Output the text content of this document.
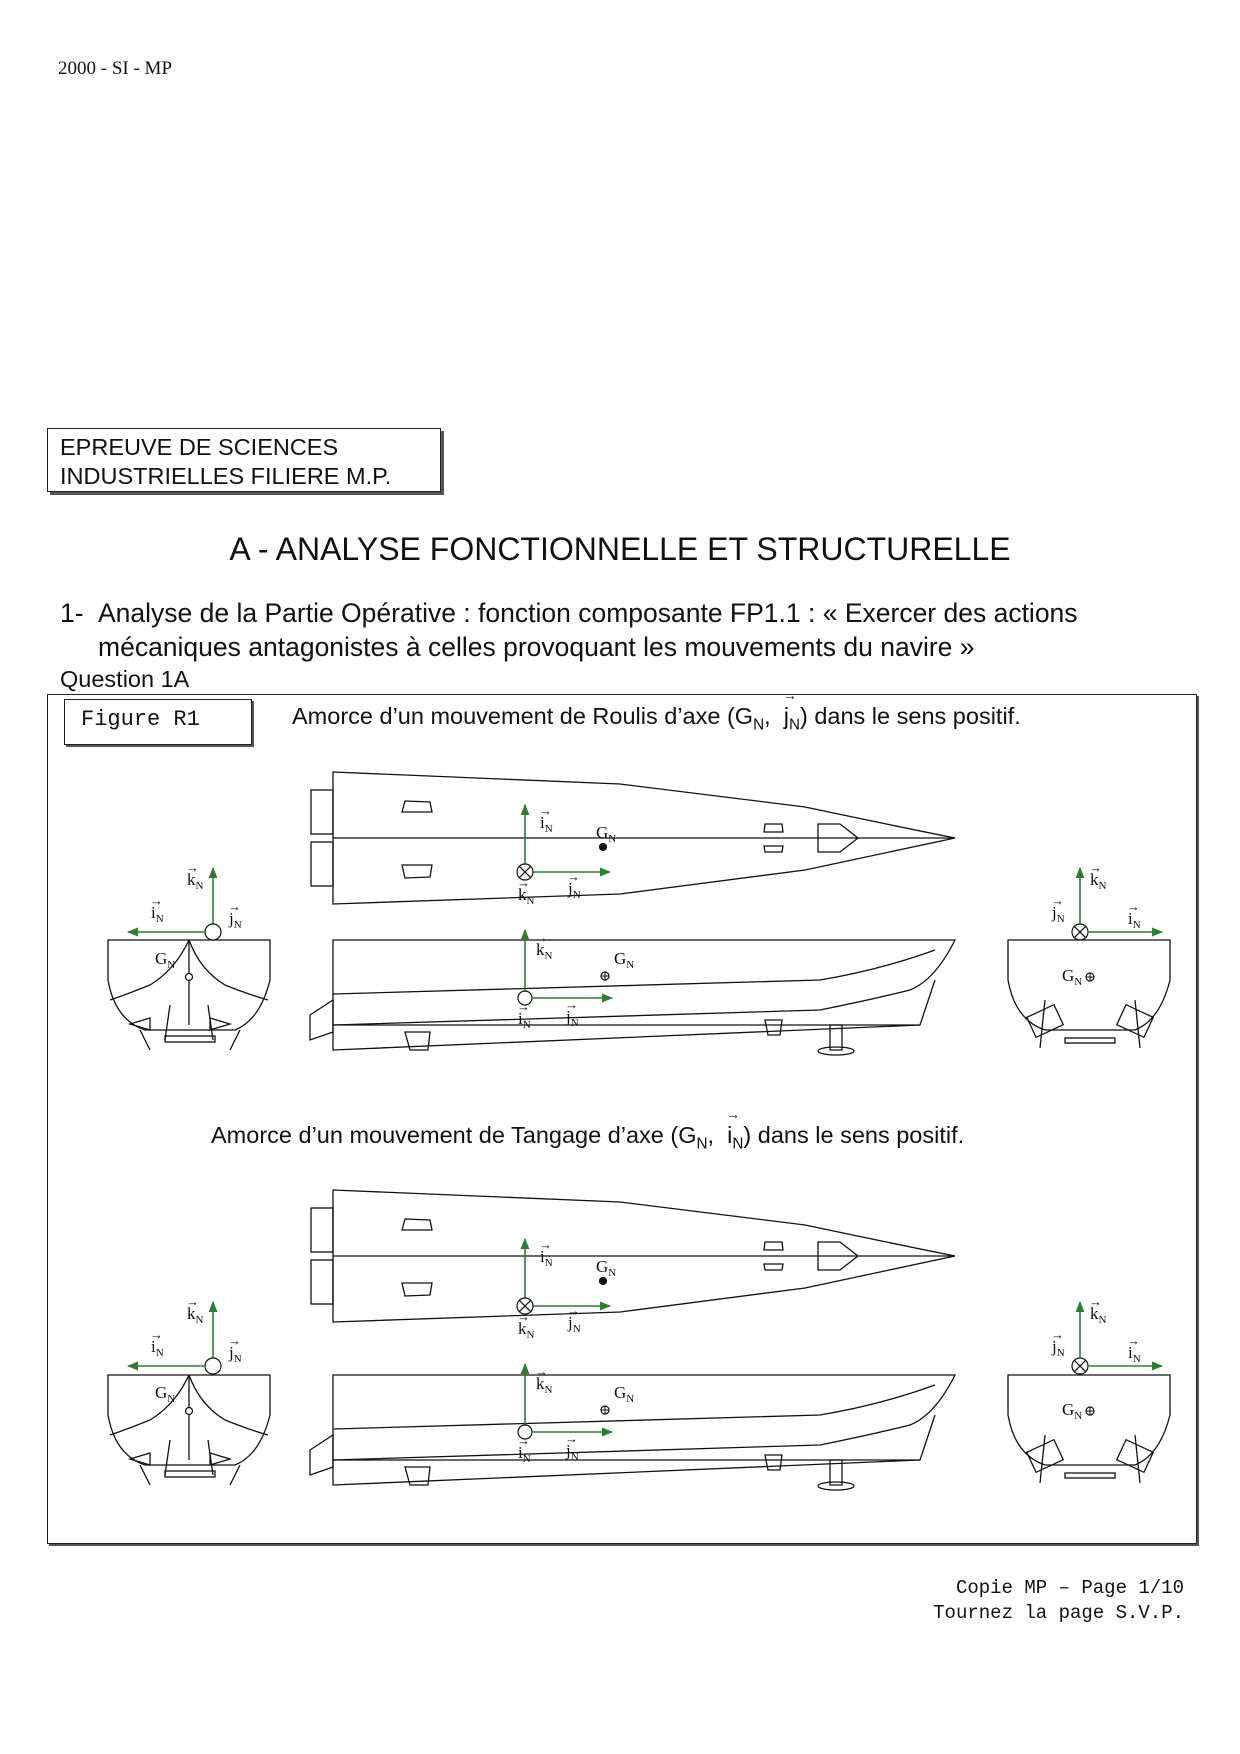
2000 - SI - MP
EPREUVE DE SCIENCES
INDUSTRIELLES FILIERE M.P.
A - ANALYSE FONCTIONNELLE ET STRUCTURELLE
1- Analyse de la Partie Opérative : fonction composante FP1.1 : « Exercer des actions
mécaniques antagonistes à celles provoquant les mouvements du navire »
Question 1A
Figure R1	Amorce d’un mouvement de Roulis d’axe ($G_N$,  → $j_N$) dans le sens positif.
Amorce d’un mouvement de Tangage d’axe ($G_N$,  → $i_N$) dans le sens positif.
$i_N$
→
$j_N$
→
$k_N$
→
$G_N$
$k_N$
→
$j_N$
→
$i_N$
→
$G_N$
$k_N$
→
$i_N$
→
$j_N$
→
$G_N$
$k_N$
→
$i_N$
→
$j_N$
→
$G_N$
$i_N$
→
$j_N$
→
$k_N$
→
$G_N$
$k_N$
→
$j_N$
→
$i_N$
→
$G_N$
$k_N$
→
$i_N$
→
$j_N$
→
$G_N$
$k_N$
→
$i_N$
→
$j_N$
→
$G_N$
Copie MP – Page 1/10
Tournez la page S.V.P.
